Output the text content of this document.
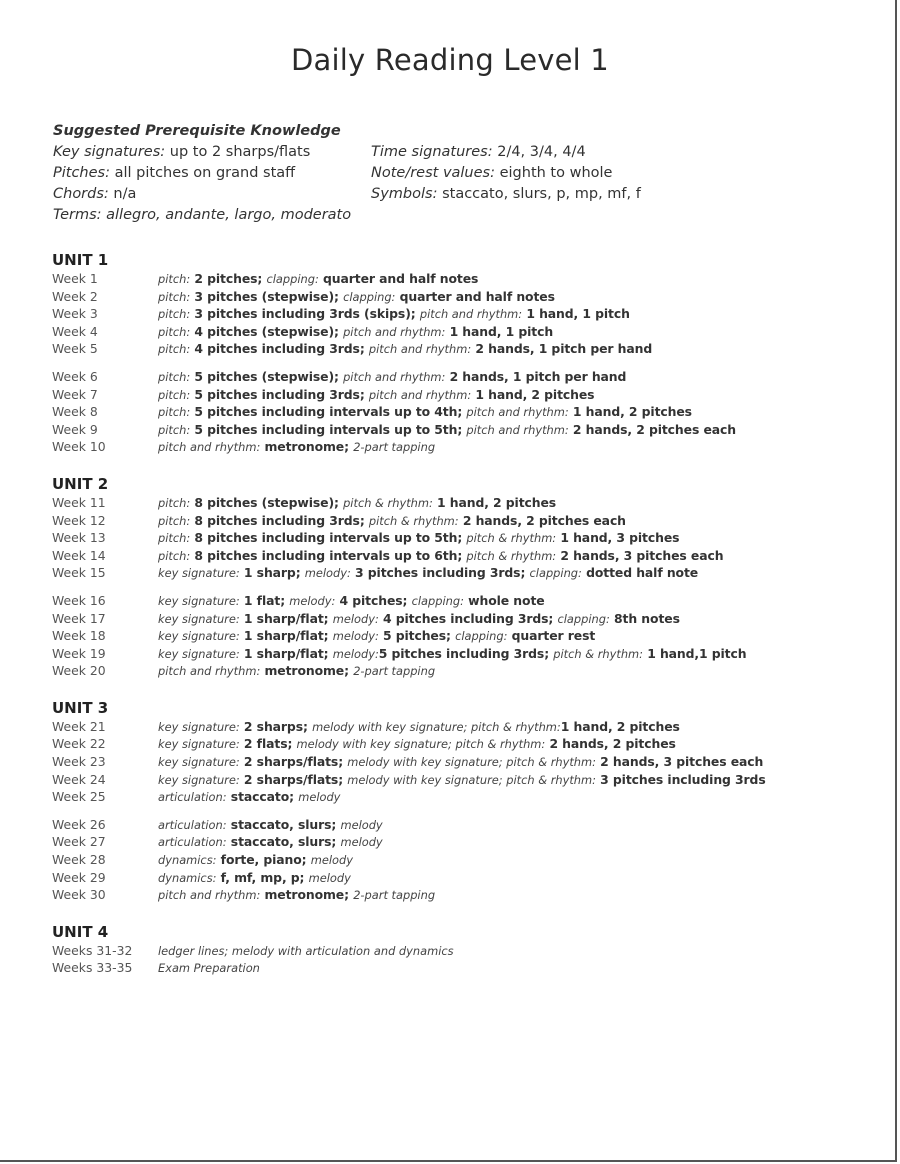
Daily Reading Level 1
Suggested Prerequisite Knowledge
Key signatures: up to 2 sharps/flats	Time signatures: 2/4, 3/4, 4/4
Pitches: all pitches on grand staff	Note/rest values: eighth to whole
Chords: n/a	Symbols: staccato, slurs, p, mp, mf, f
Terms: allegro, andante, largo, moderato
UNIT 1
Week 1	pitch: 2 pitches; clapping: quarter and half notes
Week 2	pitch: 3 pitches (stepwise); clapping: quarter and half notes
Week 3	pitch: 3 pitches including 3rds (skips); pitch and rhythm: 1 hand, 1 pitch
Week 4	pitch: 4 pitches (stepwise); pitch and rhythm: 1 hand, 1 pitch
Week 5	pitch: 4 pitches including 3rds; pitch and rhythm: 2 hands, 1 pitch per hand
Week 6	pitch: 5 pitches (stepwise); pitch and rhythm: 2 hands, 1 pitch per hand
Week 7	pitch: 5 pitches including 3rds; pitch and rhythm: 1 hand, 2 pitches
Week 8	pitch: 5 pitches including intervals up to 4th; pitch and rhythm: 1 hand, 2 pitches
Week 9	pitch: 5 pitches including intervals up to 5th; pitch and rhythm: 2 hands, 2 pitches each
Week 10	pitch and rhythm: metronome; 2-part tapping
UNIT 2
Week 11	pitch: 8 pitches (stepwise); pitch & rhythm: 1 hand, 2 pitches
Week 12	pitch: 8 pitches including 3rds; pitch & rhythm: 2 hands, 2 pitches each
Week 13	pitch: 8 pitches including intervals up to 5th; pitch & rhythm: 1 hand, 3 pitches
Week 14	pitch: 8 pitches including intervals up to 6th; pitch & rhythm: 2 hands, 3 pitches each
Week 15	key signature: 1 sharp; melody: 3 pitches including 3rds; clapping: dotted half note
Week 16	key signature: 1 flat; melody: 4 pitches; clapping: whole note
Week 17	key signature: 1 sharp/flat; melody: 4 pitches including 3rds; clapping: 8th notes
Week 18	key signature: 1 sharp/flat; melody: 5 pitches; clapping: quarter rest
Week 19	key signature: 1 sharp/flat; melody:5 pitches including 3rds; pitch & rhythm: 1 hand,1 pitch
Week 20	pitch and rhythm: metronome; 2-part tapping
UNIT 3
Week 21	key signature: 2 sharps; melody with key signature; pitch & rhythm:1 hand, 2 pitches
Week 22	key signature: 2 flats; melody with key signature; pitch & rhythm: 2 hands, 2 pitches
Week 23	key signature: 2 sharps/flats; melody with key signature; pitch & rhythm: 2 hands, 3 pitches each
Week 24	key signature: 2 sharps/flats; melody with key signature; pitch & rhythm: 3 pitches including 3rds
Week 25	articulation: staccato; melody
Week 26	articulation: staccato, slurs; melody
Week 27	articulation: staccato, slurs; melody
Week 28	dynamics: forte, piano; melody
Week 29	dynamics: f, mf, mp, p; melody
Week 30	pitch and rhythm: metronome; 2-part tapping
UNIT 4
Weeks 31-32	ledger lines; melody with articulation and dynamics
Weeks 33-35	Exam Preparation
